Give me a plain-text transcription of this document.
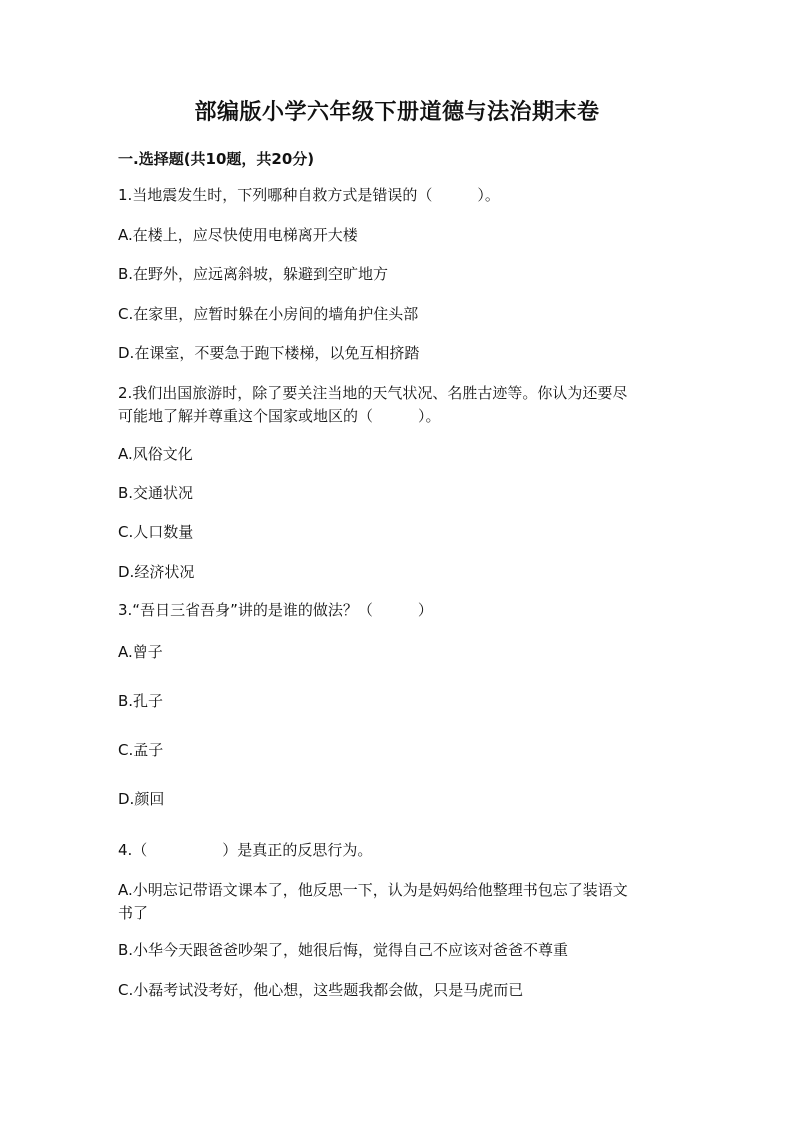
部编版小学六年级下册道德与法治期末卷
一.选择题(共10题，共20分)
1.当地震发生时，下列哪种自救方式是错误的（　　　）。
A.在楼上，应尽快使用电梯离开大楼
B.在野外，应远离斜坡，躲避到空旷地方
C.在家里，应暂时躲在小房间的墙角护住头部
D.在课室，不要急于跑下楼梯，以免互相挤踏
2.我们出国旅游时，除了要关注当地的天气状况、名胜古迹等。你认为还要尽
可能地了解并尊重这个国家或地区的（　　　）。
A.风俗文化
B.交通状况
C.人口数量
D.经济状况
3.“吾日三省吾身”讲的是谁的做法？（　　　）
A.曾子
B.孔子
C.孟子
D.颜回
4.（　　　　　）是真正的反思行为。
A.小明忘记带语文课本了，他反思一下，认为是妈妈给他整理书包忘了装语文
书了
B.小华今天跟爸爸吵架了，她很后悔，觉得自己不应该对爸爸不尊重
C.小磊考试没考好，他心想，这些题我都会做，只是马虎而已
